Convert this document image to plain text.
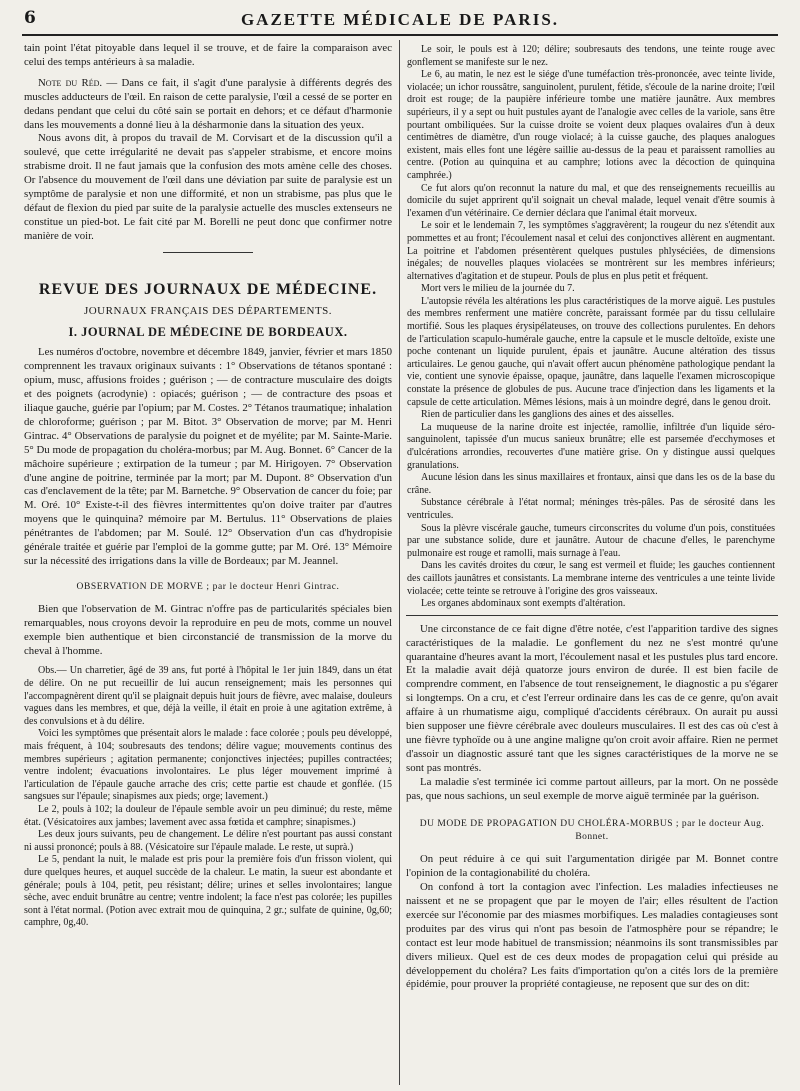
6	GAZETTE MÉDICALE DE PARIS.

tain point l'état pitoyable dans lequel il se trouve, et de faire la comparaison avec celui des temps antérieurs à sa maladie.

Note du Réd. — Dans ce fait, il s'agit d'une paralysie à différents degrés des muscles adducteurs de l'œil. En raison de cette paralysie, l'œil a cessé de se porter en dedans pendant que celui du côté sain se portait en dehors; et ce défaut d'harmonie dans les mouvements a donné lieu à la désharmonie dans la situation des yeux.

Nous avons dit, à propos du travail de M. Corvisart et de la discussion qu'il a soulevé, que cette irrégularité ne devait pas s'appeler strabisme, et encore moins strabisme droit. Il ne faut jamais que la confusion des mots amène celle des choses. Or l'absence du mouvement de l'œil dans une déviation par suite de paralysie est un symptôme de paralysie et non une difformité, et non un strabisme, pas plus que le défaut de flexion du pied par suite de la paralysie actuelle des muscles extenseurs ne constitue un pied-bot. Le fait cité par M. Borelli ne peut donc que confirmer notre manière de voir.

REVUE DES JOURNAUX DE MÉDECINE.
JOURNAUX FRANÇAIS DES DÉPARTEMENTS.
I. JOURNAL DE MÉDECINE DE BORDEAUX.

Les numéros d'octobre, novembre et décembre 1849, janvier, février et mars 1850 comprennent les travaux originaux suivants : 1° Observations de tétanos spontané : opium, musc, affusions froides ; guérison ; — de contracture musculaire des doigts et des poignets (acrodynie) : opiacés; guérison ; — de contracture des psoas et iliaque gauche, guérie par l'opium; par M. Costes. 2° Tétanos traumatique; inhalation de chloroforme; guérison ; par M. Bitot. 3° Observation de morve; par M. Henri Gintrac. 4° Observations de paralysie du poignet et de myélite; par M. Sainte-Marie. 5° Du mode de propagation du choléra-morbus; par M. Aug. Bonnet. 6° Cancer de la mâchoire supérieure ; extirpation de la tumeur ; par M. Hirigoyen. 7° Observation d'une angine de poitrine, terminée par la mort; par M. Dupont. 8° Observation d'un cas d'enclavement de la tête; par M. Barnetche. 9° Observation de cancer du foie; par M. Oré. 10° Existe-t-il des fièvres intermittentes qu'on doive traiter par d'autres moyens que le quinquina? mémoire par M. Bertulus. 11° Observations de plaies pénétrantes de l'abdomen; par M. Soulé. 12° Observation d'un cas d'hydropisie générale traitée et guérie par l'emploi de la gomme gutte; par M. Oré. 13° Mémoire sur la nécessité des irrigations dans la ville de Bordeaux; par M. Jeannel.

OBSERVATION DE MORVE ; par le docteur Henri Gintrac.

Bien que l'observation de M. Gintrac n'offre pas de particularités spéciales bien remarquables, nous croyons devoir la reproduire en peu de mots, comme un nouvel exemple bien authentique et bien circonstancié de transmission de la morve du cheval à l'homme.

Obs.— Un charretier, âgé de 39 ans, fut porté à l'hôpital le 1er juin 1849, dans un état de délire. On ne put recueillir de lui aucun renseignement; mais les personnes qui l'accompagnèrent dirent qu'il se plaignait depuis huit jours de fièvre, avec malaise, douleurs vagues dans les membres, et que, déjà la veille, il était en proie à une agitation extrême, à des convulsions et à du délire.

Voici les symptômes que présentait alors le malade : face colorée ; pouls peu développé, mais fréquent, à 104; soubresauts des tendons; délire vague; mouvements continus des membres supérieurs ; agitation permanente; conjonctives injectées; pupilles contractées; ventre indolent; évacuations involontaires. Le plus léger mouvement imprimé à l'articulation de l'épaule gauche arrache des cris; cette partie est chaude et gonflée. (15 sangsues sur l'épaule; sinapismes aux pieds; orge; lavement.)

Le 2, pouls à 102; la douleur de l'épaule semble avoir un peu diminué; du reste, même état. (Vésicatoires aux jambes; lavement avec assa fœtida et camphre; sinapismes.)

Les deux jours suivants, peu de changement. Le délire n'est pourtant pas aussi constant ni aussi prononcé; pouls à 88. (Vésicatoire sur l'épaule malade. Le reste, ut suprà.)

Le 5, pendant la nuit, le malade est pris pour la première fois d'un frisson violent, qui dure quelques heures, et auquel succède de la chaleur. Le matin, la sueur est abondante et générale; pouls à 104, petit, peu résistant; délire; urines et selles involontaires; langue sèche, avec enduit brunâtre au centre; ventre indolent; la face n'est pas colorée; les pupilles sont à l'état normal. (Potion avec extrait mou de quinquina, 2 gr.; sulfate de quinine, 0g,60; camphre, 0g,40.

Le soir, le pouls est à 120; délire; soubresauts des tendons, une teinte rouge avec gonflement se manifeste sur le nez.

Le 6, au matin, le nez est le siége d'une tuméfaction très-prononcée, avec teinte livide, violacée; un ichor roussâtre, sanguinolent, purulent, fétide, s'écoule de la narine droite; l'œil droit est rouge; de la paupière inférieure tombe une matière jaunâtre. Aux membres supérieurs, il y a sept ou huit pustules ayant de l'analogie avec celles de la variole, sans être pourtant ombiliquées. Sur la cuisse droite se voient deux plaques ovalaires d'un à deux centimètres de diamètre, d'un rouge violacé; à la cuisse gauche, des plaques analogues existent, mais elles font une légère saillie au-dessus de la peau et paraissent ramollies au centre. (Potion au quinquina et au camphre; lotions avec la décoction de quinquina camphrée.)

Ce fut alors qu'on reconnut la nature du mal, et que des renseignements recueillis au domicile du sujet apprirent qu'il soignait un cheval malade, lequel venait d'être soumis à l'examen d'un vétérinaire. Ce dernier déclara que l'animal était morveux.

Le soir et le lendemain 7, les symptômes s'aggravèrent; la rougeur du nez s'étendit aux pommettes et au front; l'écoulement nasal et celui des conjonctives allèrent en augmentant. La poitrine et l'abdomen présentèrent quelques pustules phlyséciées, de dimensions inégales; de nouvelles plaques violacées se montrèrent sur les membres inférieurs; alternatives d'agitation et de stupeur. Pouls de plus en plus petit et fréquent.

Mort vers le milieu de la journée du 7.

L'autopsie révéla les altérations les plus caractéristiques de la morve aiguë. Les pustules des membres renferment une matière concrète, paraissant formée par du tissu cellulaire mortifié. Sous les plaques érysipélateuses, on trouve des collections purulentes. En dehors de l'articulation scapulo-humérale gauche, entre la capsule et le muscle deltoïde, existe une poche contenant un liquide purulent, épais et jaunâtre. Aucune altération des tissus articulaires. Le genou gauche, qui n'avait offert aucun phénomène pathologique pendant la vie, contient une synovie épaisse, opaque, jaunâtre, dans laquelle l'examen microscopique constate la présence de globules de pus. Aucune trace d'injection dans les ligaments et la capsule de cette articulation. Mêmes lésions, mais à un moindre degré, dans le genou droit.

Rien de particulier dans les ganglions des aines et des aisselles.

La muqueuse de la narine droite est injectée, ramollie, infiltrée d'un liquide séro-sanguinolent, tapissée d'un mucus sanieux brunâtre; elle est parsemée d'ecchymoses et d'ulcérations arrondies, recouvertes d'une matière grise. On y distingue aussi quelques granulations.

Aucune lésion dans les sinus maxillaires et frontaux, ainsi que dans les os de la base du crâne.

Substance cérébrale à l'état normal; méninges très-pâles. Pas de sérosité dans les ventricules.

Sous la plèvre viscérale gauche, tumeurs circonscrites du volume d'un pois, constituées par une substance solide, dure et jaunâtre. Autour de chacune d'elles, le parenchyme pulmonaire est rouge et ramolli, mais surnage à l'eau.

Dans les cavités droites du cœur, le sang est vermeil et fluide; les gauches contiennent des caillots jaunâtres et consistants. La membrane interne des ventricules a une teinte livide violacée; cette teinte se retrouve à l'origine des gros vaisseaux.

Les organes abdominaux sont exempts d'altération.

Une circonstance de ce fait digne d'être notée, c'est l'apparition tardive des signes caractéristiques de la maladie. Le gonflement du nez ne s'est montré qu'une quarantaine d'heures avant la mort, l'écoulement nasal et les pustules plus tard encore. Et la maladie avait déjà quatorze jours environ de durée. Il est bien facile de comprendre comment, en l'absence de tout renseignement, le diagnostic a pu s'égarer si longtemps. On a cru, et c'est l'erreur ordinaire dans les cas de ce genre, qu'on avait affaire à un rhumatisme aigu, compliqué d'accidents cérébraux. On aurait pu aussi bien supposer une fièvre cérébrale avec douleurs musculaires. Il est des cas où c'est à une fièvre typhoïde ou à une angine maligne qu'on croit avoir affaire. Rien ne permet d'assoir un diagnostic assuré tant que les signes caractéristiques de la morve ne se sont pas montrés.

La maladie s'est terminée ici comme partout ailleurs, par la mort. On ne possède pas, que nous sachions, un seul exemple de morve aiguë terminée par la guérison.

DU MODE DE PROPAGATION DU CHOLÉRA-MORBUS ; par le docteur Aug. Bonnet.

On peut réduire à ce qui suit l'argumentation dirigée par M. Bonnet contre l'opinion de la contagionabilité du choléra.

On confond à tort la contagion avec l'infection. Les maladies infectieuses ne naissent et ne se propagent que par le moyen de l'air; elles résultent de l'action exercée sur l'économie par des miasmes morbifiques. Les maladies contagieuses sont produites par des virus qui n'ont pas besoin de l'atmosphère pour se répandre; le contact est leur mode habituel de transmission; néanmoins ils sont transmissibles par divers milieux. Quel est de ces deux modes de propagation celui qui préside au développement du choléra? Les faits d'importation qu'on a cités lors de la première épidémie, pour prouver la propriété contagieuse, ne reposent que sur des on dit:
